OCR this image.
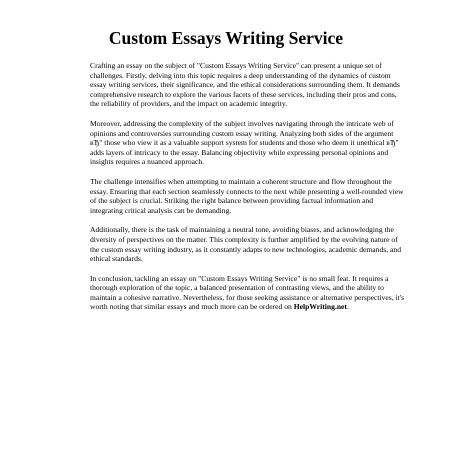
Custom Essays Writing Service

Crafting an essay on the subject of "Custom Essays Writing Service" can present a unique set of challenges. Firstly, delving into this topic requires a deep understanding of the dynamics of custom essay writing services, their significance, and the ethical considerations surrounding them. It demands comprehensive research to explore the various facets of these services, including their pros and cons, the reliability of providers, and the impact on academic integrity.

Moreover, addressing the complexity of the subject involves navigating through the intricate web of opinions and controversies surrounding custom essay writing. Analyzing both sides of the argument вЂ" those who view it as a valuable support system for students and those who deem it unethical вЂ" adds layers of intricacy to the essay. Balancing objectivity while expressing personal opinions and insights requires a nuanced approach.

The challenge intensifies when attempting to maintain a coherent structure and flow throughout the essay. Ensuring that each section seamlessly connects to the next while presenting a well-rounded view of the subject is crucial. Striking the right balance between providing factual information and integrating critical analysis can be demanding.

Additionally, there is the task of maintaining a neutral tone, avoiding biases, and acknowledging the diversity of perspectives on the matter. This complexity is further amplified by the evolving nature of the custom essay writing industry, as it constantly adapts to new technologies, academic demands, and ethical standards.

In conclusion, tackling an essay on "Custom Essays Writing Service" is no small feat. It requires a thorough exploration of the topic, a balanced presentation of contrasting views, and the ability to maintain a cohesive narrative. Nevertheless, for those seeking assistance or alternative perspectives, it's worth noting that similar essays and much more can be ordered on HelpWriting.net.
